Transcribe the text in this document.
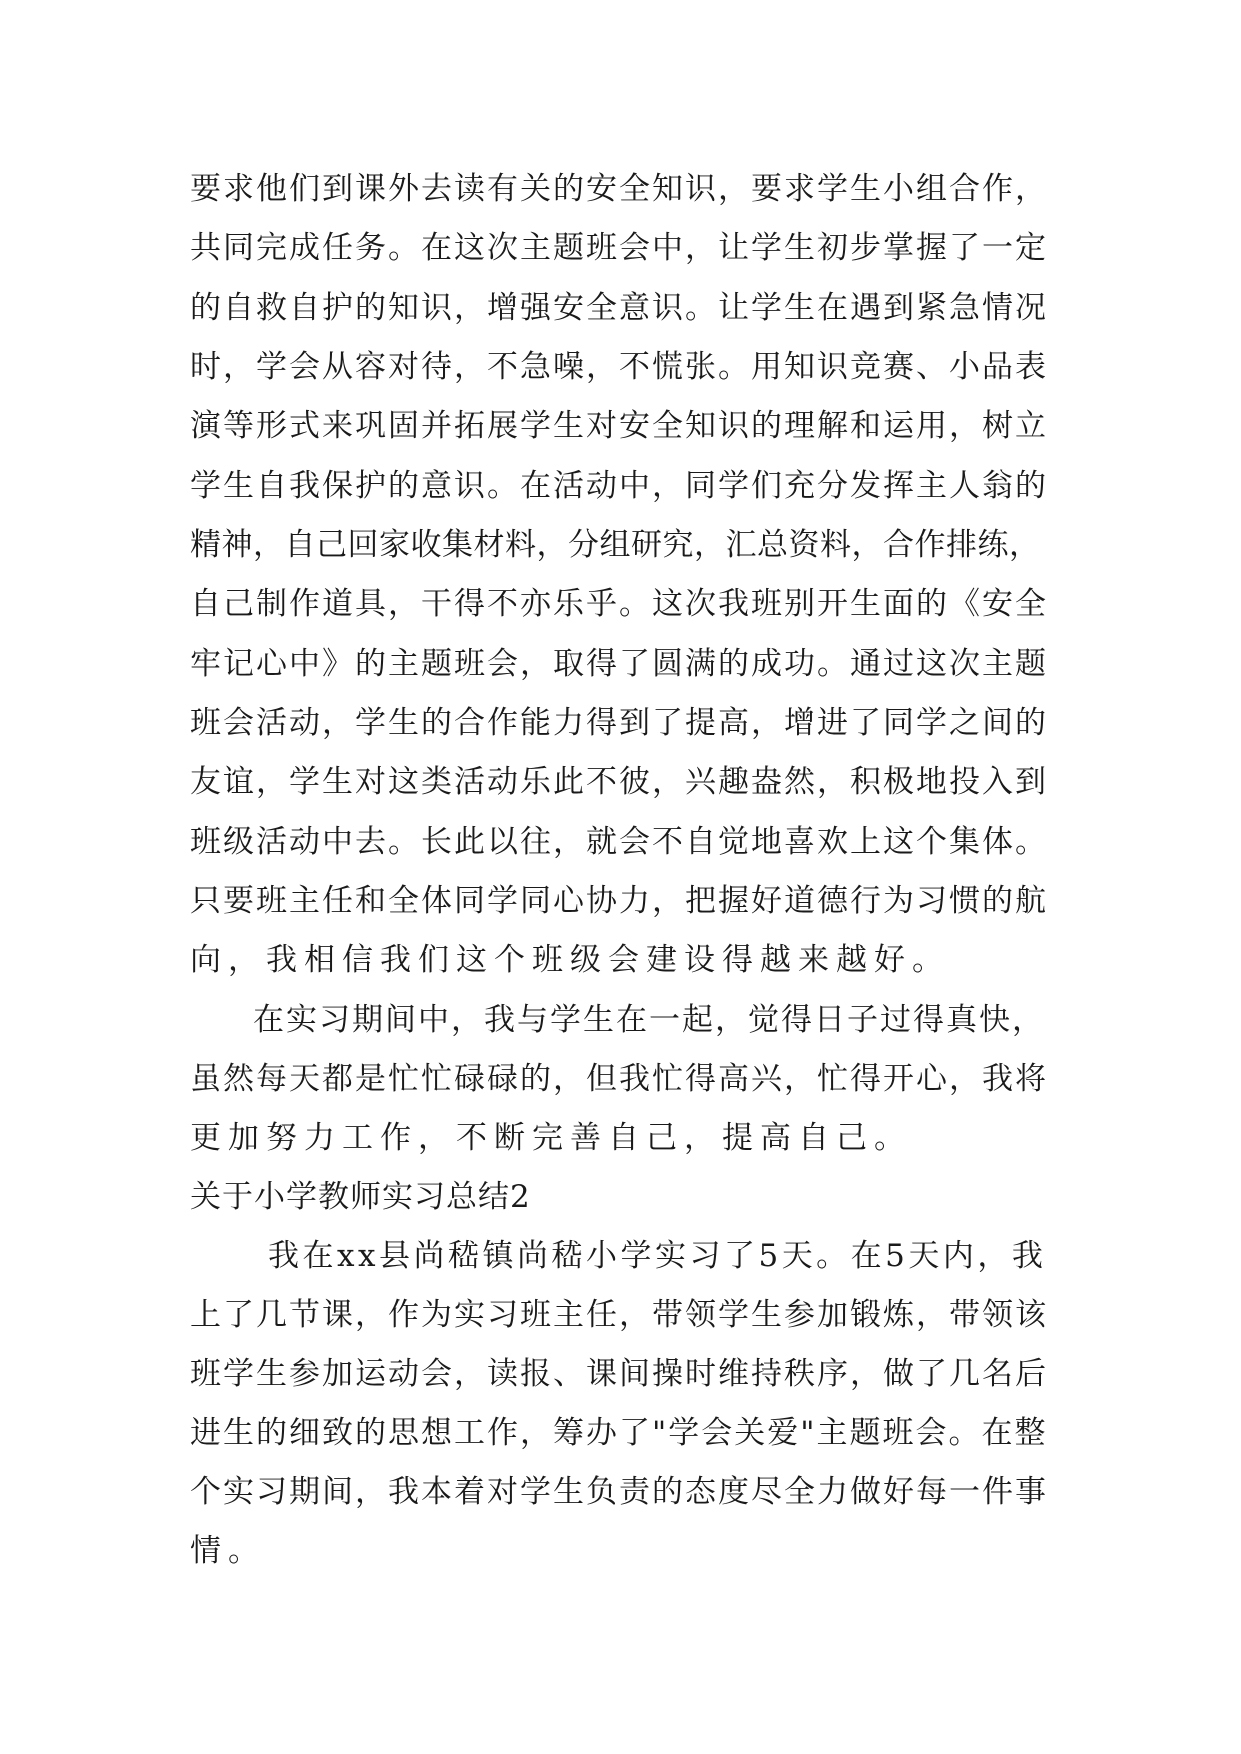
要求他们到课外去读有关的安全知识，要求学生小组合作，
共同完成任务。在这次主题班会中，让学生初步掌握了一定
的自救自护的知识，增强安全意识。让学生在遇到紧急情况
时，学会从容对待，不急噪，不慌张。用知识竞赛、小品表
演等形式来巩固并拓展学生对安全知识的理解和运用，树立
学生自我保护的意识。在活动中，同学们充分发挥主人翁的
精神，自己回家收集材料，分组研究，汇总资料，合作排练，
自己制作道具，干得不亦乐乎。这次我班别开生面的《安全
牢记心中》的主题班会，取得了圆满的成功。通过这次主题
班会活动，学生的合作能力得到了提高，增进了同学之间的
友谊，学生对这类活动乐此不彼，兴趣盎然，积极地投入到
班级活动中去。长此以往，就会不自觉地喜欢上这个集体。
只要班主任和全体同学同心协力，把握好道德行为习惯的航
向，我相信我们这个班级会建设得越来越好。
在实习期间中，我与学生在一起，觉得日子过得真快，
虽然每天都是忙忙碌碌的，但我忙得高兴，忙得开心，我将
更加努力工作，不断完善自己，提高自己。
关于小学教师实习总结2
我在xx县尚嵇镇尚嵇小学实习了5天。在5天内，我
上了几节课，作为实习班主任，带领学生参加锻炼，带领该
班学生参加运动会，读报、课间操时维持秩序，做了几名后
进生的细致的思想工作，筹办了"学会关爱"主题班会。在整
个实习期间，我本着对学生负责的态度尽全力做好每一件事
情。
